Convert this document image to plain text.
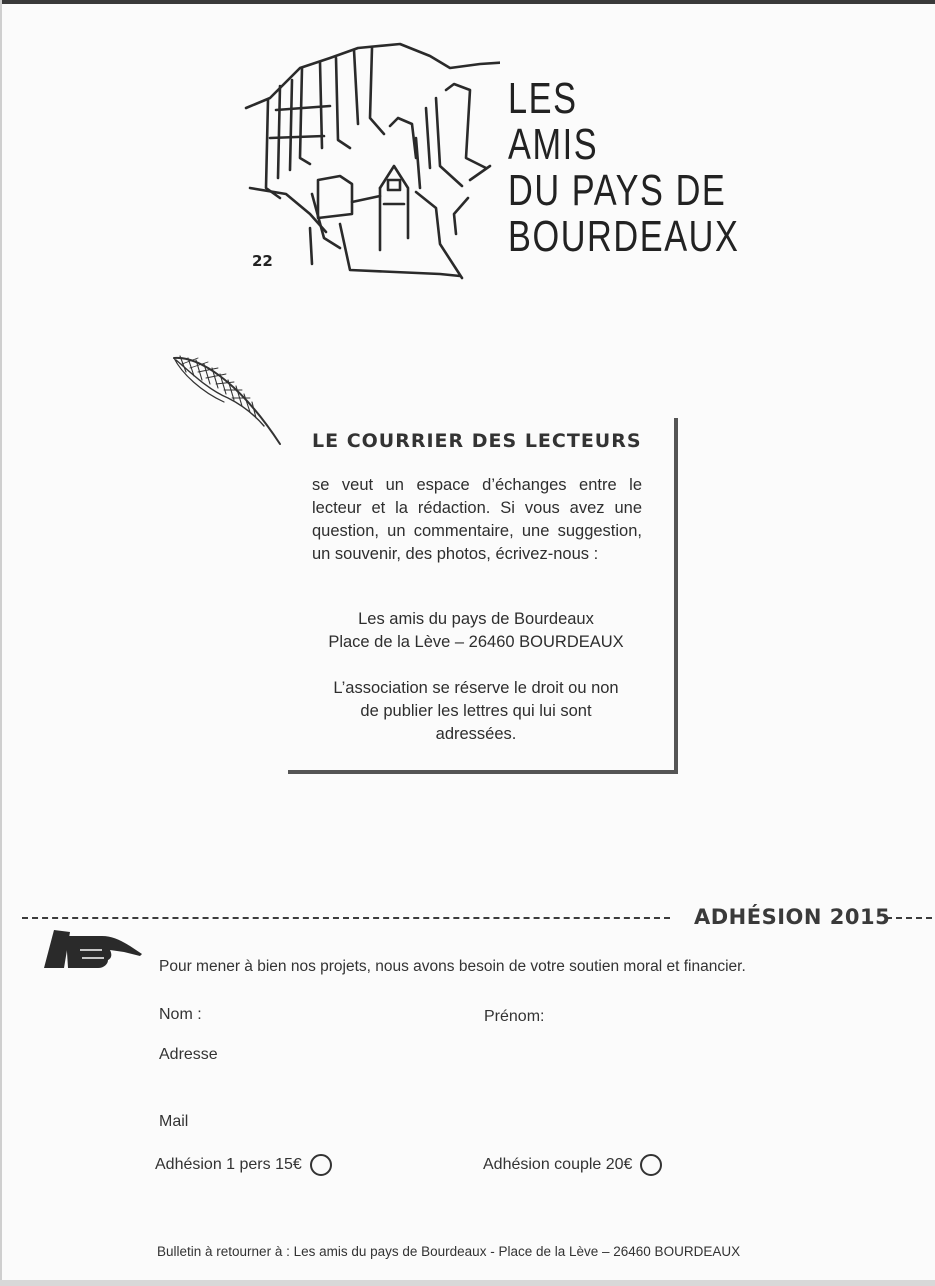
LES
AMIS
DU PAYS DE
BOURDEAUX
22
LE COURRIER DES LECTEURS
se veut un espace d’échanges entre le lecteur et la rédaction. Si vous avez une question, un commentaire, une suggestion, un souvenir, des photos, écrivez-nous :
Les amis du pays de Bourdeaux
Place de la Lève – 26460 BOURDEAUX
L’association se réserve le droit ou non
de publier les lettres qui lui sont
adressées.
ADHÉSION 2015
Pour mener à bien nos projets, nous avons besoin de votre soutien moral et financier.
Nom :	Prénom:
Adresse
Mail
Adhésion 1 pers 15€	Adhésion couple 20€
Bulletin à retourner à : Les amis du pays de Bourdeaux - Place de la Lève – 26460 BOURDEAUX
